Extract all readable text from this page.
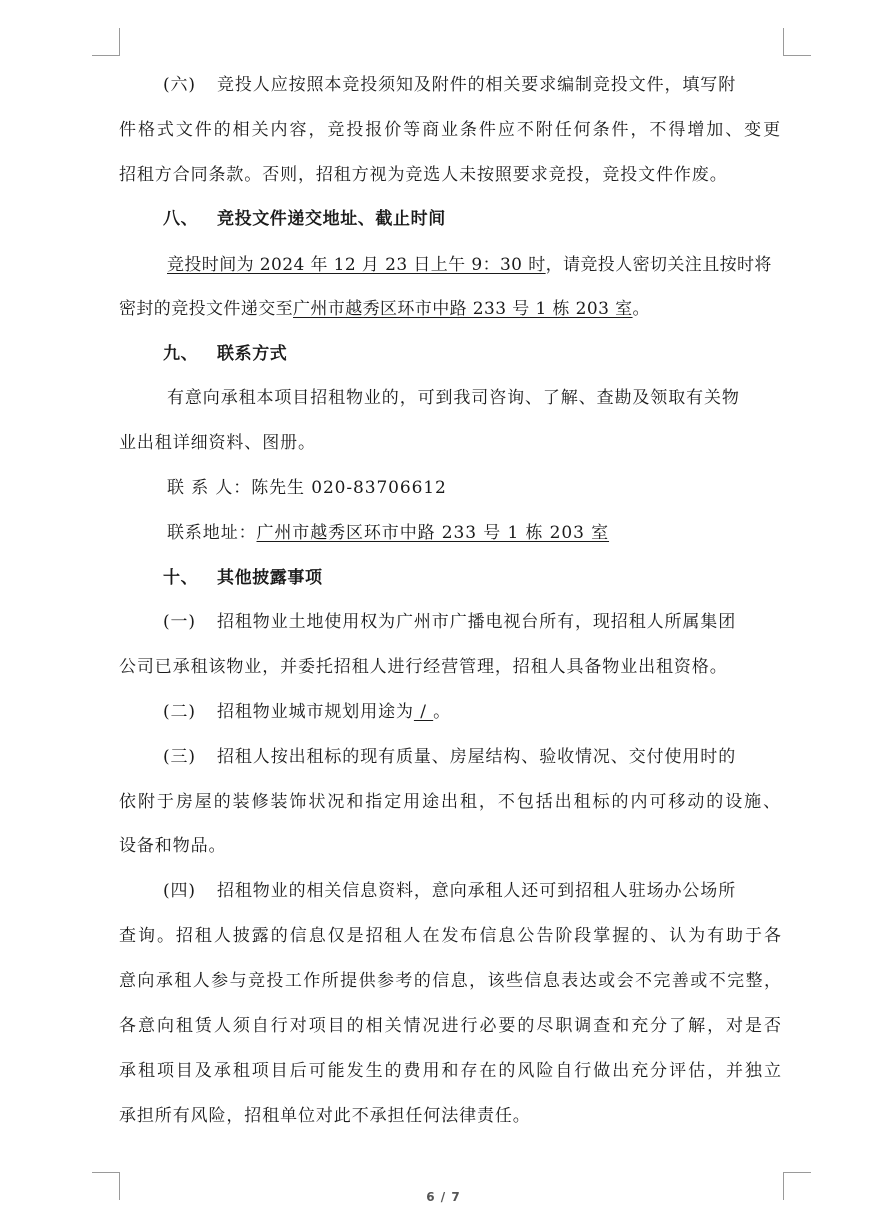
(六) 竞投人应按照本竞投须知及附件的相关要求编制竞投文件，填写附

件格式文件的相关内容，竞投报价等商业条件应不附任何条件，不得增加、变更

招租方合同条款。否则，招租方视为竞选人未按照要求竞投，竞投文件作废。

八、 竞投文件递交地址、截止时间

竞投时间为 2024 年 12 月 23 日上午 9：30 时，请竞投人密切关注且按时将

密封的竞投文件递交至广州市越秀区环市中路 233 号 1 栋 203 室。

九、 联系方式

有意向承租本项目招租物业的，可到我司咨询、了解、查勘及领取有关物

业出租详细资料、图册。

联 系 人：陈先生 020-83706612

联系地址：广州市越秀区环市中路 233 号 1 栋 203 室

十、 其他披露事项

(一) 招租物业土地使用权为广州市广播电视台所有，现招租人所属集团

公司已承租该物业，并委托招租人进行经营管理，招租人具备物业出租资格。

(二) 招租物业城市规划用途为 / 。

(三) 招租人按出租标的现有质量、房屋结构、验收情况、交付使用时的

依附于房屋的装修装饰状况和指定用途出租，不包括出租标的内可移动的设施、

设备和物品。

(四) 招租物业的相关信息资料，意向承租人还可到招租人驻场办公场所

查询。招租人披露的信息仅是招租人在发布信息公告阶段掌握的、认为有助于各

意向承租人参与竞投工作所提供参考的信息，该些信息表达或会不完善或不完整，

各意向租赁人须自行对项目的相关情况进行必要的尽职调查和充分了解，对是否

承租项目及承租项目后可能发生的费用和存在的风险自行做出充分评估，并独立

承担所有风险，招租单位对此不承担任何法律责任。

6 / 7
